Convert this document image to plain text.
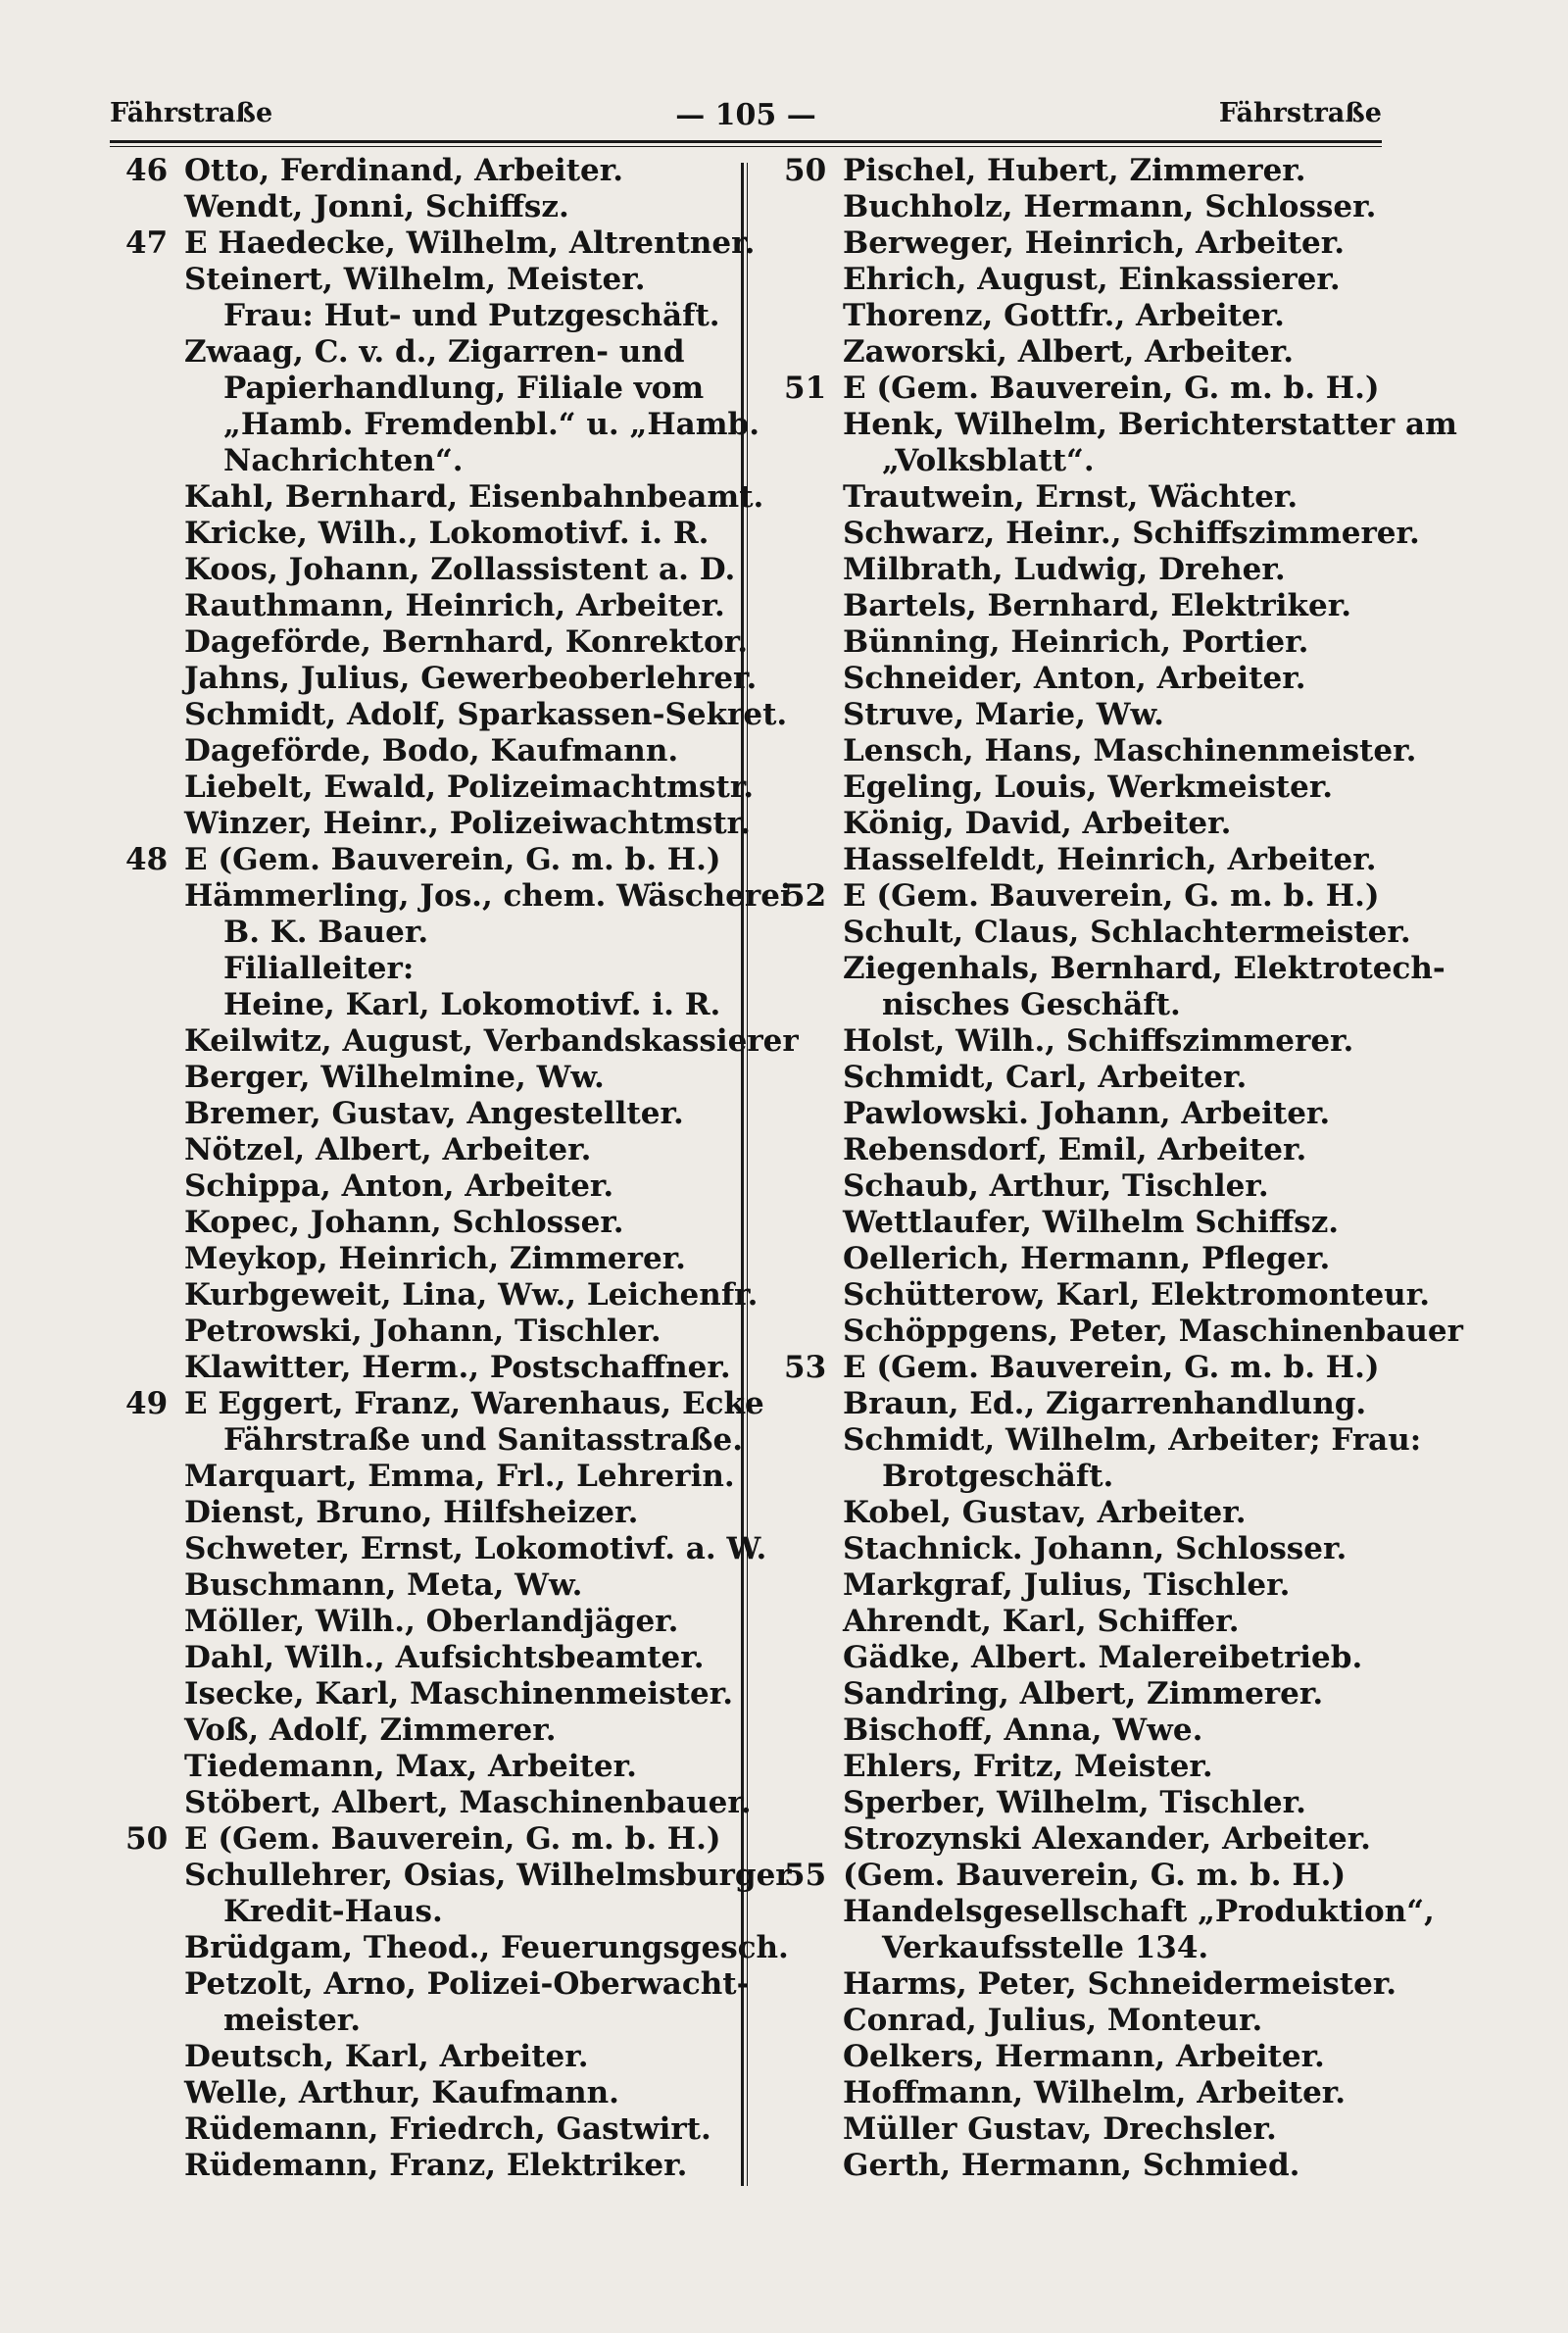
Fährstraße	— 105 —	Fährstraße
46 Otto, Ferdinand, Arbeiter.
Wendt, Jonni, Schiffsz.
47 E Haedecke, Wilhelm, Altrentner.
Steinert, Wilhelm, Meister.
Frau: Hut- und Putzgeschäft.
Zwaag, C. v. d., Zigarren- und
Papierhandlung, Filiale vom
„Hamb. Fremdenbl.“ u. „Hamb.
Nachrichten“.
Kahl, Bernhard, Eisenbahnbeamt.
Kricke, Wilh., Lokomotivf. i. R.
Koos, Johann, Zollassistent a. D.
Rauthmann, Heinrich, Arbeiter.
Dageförde, Bernhard, Konrektor.
Jahns, Julius, Gewerbeoberlehrer.
Schmidt, Adolf, Sparkassen-Sekret.
Dageförde, Bodo, Kaufmann.
Liebelt, Ewald, Polizeimachtmstr.
Winzer, Heinr., Polizeiwachtmstr.
48 E (Gem. Bauverein, G. m. b. H.)
Hämmerling, Jos., chem. Wäscherei
B. K. Bauer.
Filialleiter:
Heine, Karl, Lokomotivf. i. R.
Keilwitz, August, Verbandskassierer
Berger, Wilhelmine, Ww.
Bremer, Gustav, Angestellter.
Nötzel, Albert, Arbeiter.
Schippa, Anton, Arbeiter.
Kopec, Johann, Schlosser.
Meykop, Heinrich, Zimmerer.
Kurbgeweit, Lina, Ww., Leichenfr.
Petrowski, Johann, Tischler.
Klawitter, Herm., Postschaffner.
49 E Eggert, Franz, Warenhaus, Ecke
Fährstraße und Sanitasstraße.
Marquart, Emma, Frl., Lehrerin.
Dienst, Bruno, Hilfsheizer.
Schweter, Ernst, Lokomotivf. a. W.
Buschmann, Meta, Ww.
Möller, Wilh., Oberlandjäger.
Dahl, Wilh., Aufsichtsbeamter.
Isecke, Karl, Maschinenmeister.
Voß, Adolf, Zimmerer.
Tiedemann, Max, Arbeiter.
Stöbert, Albert, Maschinenbauer.
50 E (Gem. Bauverein, G. m. b. H.)
Schullehrer, Osias, Wilhelmsburger
Kredit-Haus.
Brüdgam, Theod., Feuerungsgesch.
Petzolt, Arno, Polizei-Oberwacht-
meister.
Deutsch, Karl, Arbeiter.
Welle, Arthur, Kaufmann.
Rüdemann, Friedrch, Gastwirt.
Rüdemann, Franz, Elektriker.
50 Pischel, Hubert, Zimmerer.
Buchholz, Hermann, Schlosser.
Berweger, Heinrich, Arbeiter.
Ehrich, August, Einkassierer.
Thorenz, Gottfr., Arbeiter.
Zaworski, Albert, Arbeiter.
51 E (Gem. Bauverein, G. m. b. H.)
Henk, Wilhelm, Berichterstatter am
„Volksblatt“.
Trautwein, Ernst, Wächter.
Schwarz, Heinr., Schiffszimmerer.
Milbrath, Ludwig, Dreher.
Bartels, Bernhard, Elektriker.
Bünning, Heinrich, Portier.
Schneider, Anton, Arbeiter.
Struve, Marie, Ww.
Lensch, Hans, Maschinenmeister.
Egeling, Louis, Werkmeister.
König, David, Arbeiter.
Hasselfeldt, Heinrich, Arbeiter.
52 E (Gem. Bauverein, G. m. b. H.)
Schult, Claus, Schlachtermeister.
Ziegenhals, Bernhard, Elektrotech-
nisches Geschäft.
Holst, Wilh., Schiffszimmerer.
Schmidt, Carl, Arbeiter.
Pawlowski. Johann, Arbeiter.
Rebensdorf, Emil, Arbeiter.
Schaub, Arthur, Tischler.
Wettlaufer, Wilhelm Schiffsz.
Oellerich, Hermann, Pfleger.
Schütterow, Karl, Elektromonteur.
Schöppgens, Peter, Maschinenbauer
53 E (Gem. Bauverein, G. m. b. H.)
Braun, Ed., Zigarrenhandlung.
Schmidt, Wilhelm, Arbeiter; Frau:
Brotgeschäft.
Kobel, Gustav, Arbeiter.
Stachnick. Johann, Schlosser.
Markgraf, Julius, Tischler.
Ahrendt, Karl, Schiffer.
Gädke, Albert. Malereibetrieb.
Sandring, Albert, Zimmerer.
Bischoff, Anna, Wwe.
Ehlers, Fritz, Meister.
Sperber, Wilhelm, Tischler.
Strozynski Alexander, Arbeiter.
55 (Gem. Bauverein, G. m. b. H.)
Handelsgesellschaft „Produktion“,
Verkaufsstelle 134.
Harms, Peter, Schneidermeister.
Conrad, Julius, Monteur.
Oelkers, Hermann, Arbeiter.
Hoffmann, Wilhelm, Arbeiter.
Müller Gustav, Drechsler.
Gerth, Hermann, Schmied.
